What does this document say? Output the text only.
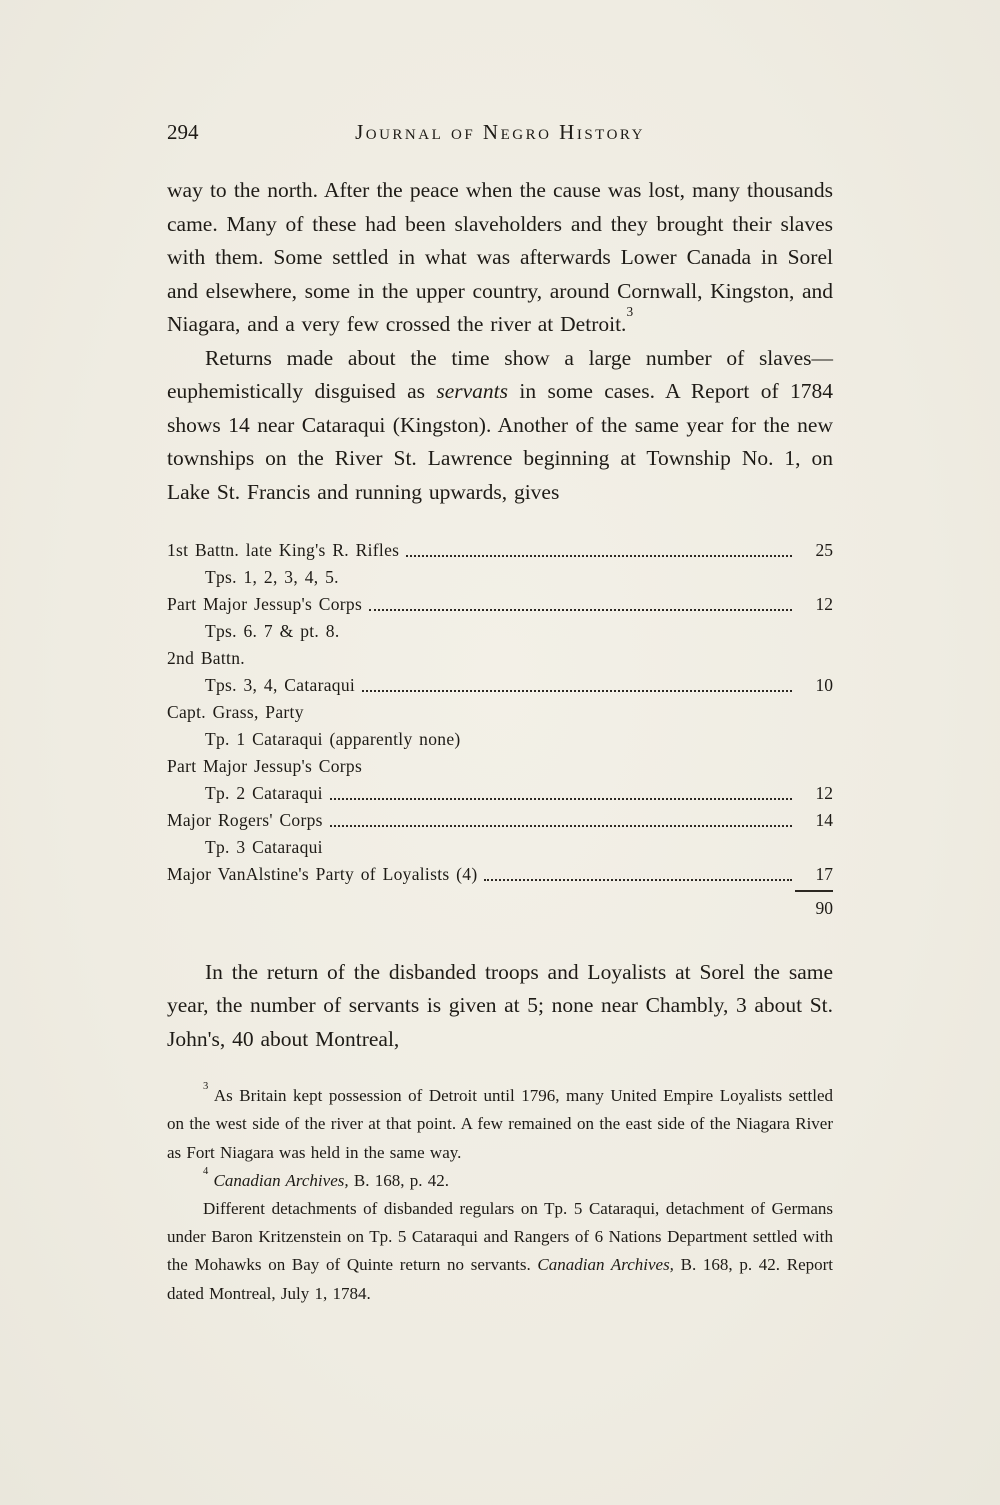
294	Journal of Negro History

way to the north. After the peace when the cause was lost, many thousands came. Many of these had been slaveholders and they brought their slaves with them. Some settled in what was afterwards Lower Canada in Sorel and elsewhere, some in the upper country, around Cornwall, Kingston, and Niagara, and a very few crossed the river at Detroit.$^3$

Returns made about the time show a large number of slaves—euphemistically disguised as servants in some cases. A Report of 1784 shows 14 near Cataraqui (Kingston). Another of the same year for the new townships on the River St. Lawrence beginning at Township No. 1, on Lake St. Francis and running upwards, gives

1st Battn. late King's R. Rifles	25
Tps. 1, 2, 3, 4, 5.
Part Major Jessup's Corps	12
Tps. 6. 7 & pt. 8.
2nd Battn.
Tps. 3, 4, Cataraqui	10
Capt. Grass, Party
Tp. 1 Cataraqui (apparently none)
Part Major Jessup's Corps
Tp. 2 Cataraqui	12
Major Rogers' Corps	14
Tp. 3 Cataraqui
Major VanAlstine's Party of Loyalists (4)	17
90

In the return of the disbanded troops and Loyalists at Sorel the same year, the number of servants is given at 5; none near Chambly, 3 about St. John's, 40 about Montreal,

$^3$ As Britain kept possession of Detroit until 1796, many United Empire Loyalists settled on the west side of the river at that point. A few remained on the east side of the Niagara River as Fort Niagara was held in the same way.

$^4$ Canadian Archives, B. 168, p. 42.

Different detachments of disbanded regulars on Tp. 5 Cataraqui, detachment of Germans under Baron Kritzenstein on Tp. 5 Cataraqui and Rangers of 6 Nations Department settled with the Mohawks on Bay of Quinte return no servants. Canadian Archives, B. 168, p. 42. Report dated Montreal, July 1, 1784.
